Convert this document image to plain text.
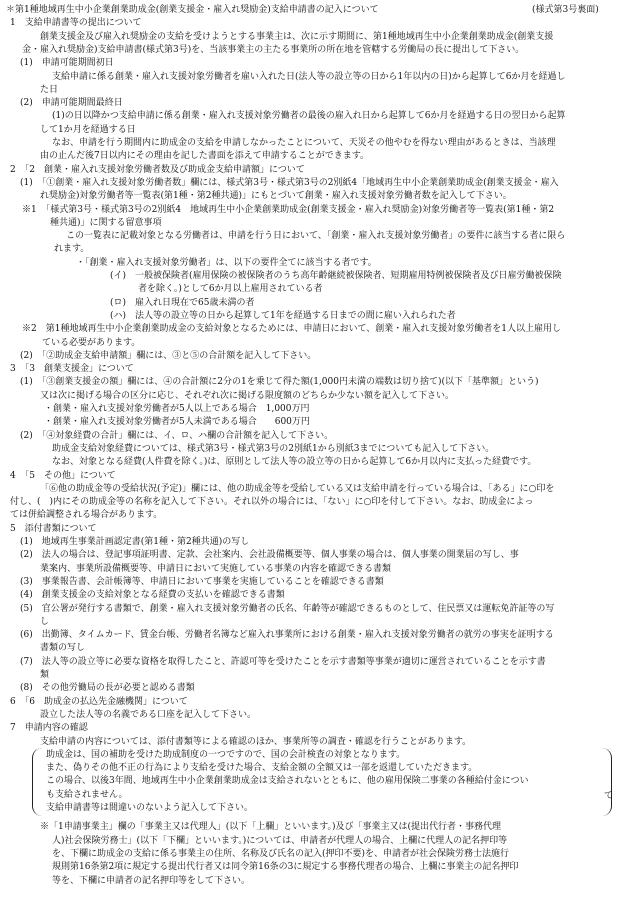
＊第1種地域再生中小企業創業助成金(創業支援金・雇入れ奨励金)支給申請書の記入について	(様式第3号裏面)
1　支給申請書等の提出について
創業支援金及び雇入れ奨励金の支給を受けようとする事業主は、次に示す期間に、第1種地域再生中小企業創業助成金(創業支援
金・雇入れ奨励金)支給申請書(様式第3号)を、当該事業主の主たる事業所の所在地を管轄する労働局の長に提出して下さい。
(1)　申請可能期間初日
支給申請に係る創業・雇入れ支援対象労働者を雇い入れた日(法人等の設立等の日から1年以内の日)から起算して6か月を経過し
た日
(2)　申請可能期間最終日
(1)の日以降かつ支給申請に係る創業・雇入れ支援対象労働者の最後の雇入れ日から起算して6か月を経過する日の翌日から起算
して1か月を経過する日
なお、申請を行う期間内に助成金の支給を申請しなかったことについて、天災その他やむを得ない理由があるときは、当該理
由の止んだ後7日以内にその理由を記した書面を添えて申請することができます。
2　「2　創業・雇入れ支援対象労働者数及び助成金支給申請額」について
(1)　「①創業・雇入れ支援対象労働者数」欄には、様式第3号・様式第3号の2別紙4「地域再生中小企業創業助成金(創業支援金・雇入
れ奨励金)対象労働者等一覧表(第1種・第2種共通)」にもとづいて創業・雇入れ支援対象労働者数を記入して下さい。
※1　「様式第3号・様式第3号の2別紙4　地域再生中小企業創業助成金(創業支援金・雇入れ奨励金)対象労働者等一覧表(第1種・第2
種共通)」に関する留意事項
この一覧表に記載対象となる労働者は、申請を行う日において、「創業・雇入れ支援対象労働者」の要件に該当する者に限ら
れます。
・「創業・雇入れ支援対象労働者」は、以下の要件全てに該当する者です。
(イ)　一般被保険者(雇用保険の被保険者のうち高年齢継続被保険者、短期雇用特例被保険者及び日雇労働被保険
者を除く。)として6か月以上雇用されている者
(ロ)　雇入れ日現在で65歳未満の者
(ハ)　法人等の設立等の日から起算して1年を経過する日までの間に雇い入れられた者
※2　第1種地域再生中小企業創業助成金の支給対象となるためには、申請日において、創業・雇入れ支援対象労働者を1人以上雇用し
ている必要があります。
(2)　「②助成金支給申請額」欄には、③と⑤の合計額を記入して下さい。
3　「3　創業支援金」について
(1)　「③創業支援金の額」欄には、④の合計額に2分の1を乗じて得た額(1,000円未満の端数は切り捨て)(以下「基準額」という)
又は次に掲げる場合の区分に応じ、それぞれ次に掲げる限度額のどちらか少ない額を記入して下さい。
・創業・雇入れ支援対象労働者が5人以上である場合　1,000万円
・創業・雇入れ支援対象労働者が5人未満である場合　　600万円
(2)　「④対象経費の合計」欄には、イ、ロ、ハ欄の合計額を記入して下さい。
助成金支給対象経費については、様式第3号・様式第3号の2別紙1から別紙3までについても記入して下さい。
なお、対象となる経費(人件費を除く。)は、原則として法人等の設立等の日から起算して6か月以内に支払った経費です。
4　「5　その他」について
「⑥他の助成金等の受給状況(予定)」欄には、他の助成金等を受給している又は支給申請を行っている場合は、「ある」に○印を
付し、(　)内にその助成金等の名称を記入して下さい。それ以外の場合には、「ない」に○印を付して下さい。なお、助成金によっ
ては併給調整される場合があります。
5　添付書類について
(1)　地域再生事業計画認定書(第1種・第2種共通)の写し
(2)　法人の場合は、登記事項証明書、定款、会社案内、会社設備概要等、個人事業の場合は、個人事業の開業届の写し、事
業案内、事業所設備概要等、申請日において実施している事業の内容を確認できる書類
(3)　事業報告書、会計帳簿等、申請日において事業を実施していることを確認できる書類
(4)　創業支援金の支給対象となる経費の支払いを確認できる書類
(5)　官公署が発行する書類で、創業・雇入れ支援対象労働者の氏名、年齢等が確認できるものとして、住民票又は運転免許証等の写
し
(6)　出勤簿、タイムカード、賃金台帳、労働者名簿など雇入れ事業所における創業・雇入れ支援対象労働者の就労の事実を証明する
書類の写し
(7)　法人等の設立等に必要な資格を取得したこと、許認可等を受けたことを示す書類等事業が適切に運営されていることを示す書
類
(8)　その他労働局の長が必要と認める書類
6　「6　助成金の払込先金融機関」について
設立した法人等の名義である口座を記入して下さい。
7　申請内容の確認
支給申請の内容については、添付書類等による確認のほか、事業所等の調査・確認を行うことがあります。
助成金は、国の補助を受けた助成制度の一つですので、国の会計検査の対象となります。
また、偽りその他不正の行為により支給を受けた場合、支給金額の全額又は一部を返還していただきます。
この場合、以後3年間、地域再生中小企業創業助成金は支給されないとともに、他の雇用保険二事業の各種給付金につい
も支給されません。
支給申請書等は間違いのないよう記入して下さい。
て
※「1申請事業主」欄の「事業主又は代理人」(以下「上欄」といいます。)及び「事業主又は(提出代行者・事務代理
人)社会保険労務士」(以下「下欄」といいます。)については、申請者が代理人の場合、上欄に代理人の記名押印等
を、下欄に助成金の支給に係る事業主の住所、名称及び氏名の記入(押印不要)を、申請者が社会保険労務士法施行
規則第16条第2項に規定する提出代行者又は同令第16条の3に規定する事務代理者の場合、上欄に事業主の記名押印
等を、下欄に申請者の記名押印等をして下さい。
